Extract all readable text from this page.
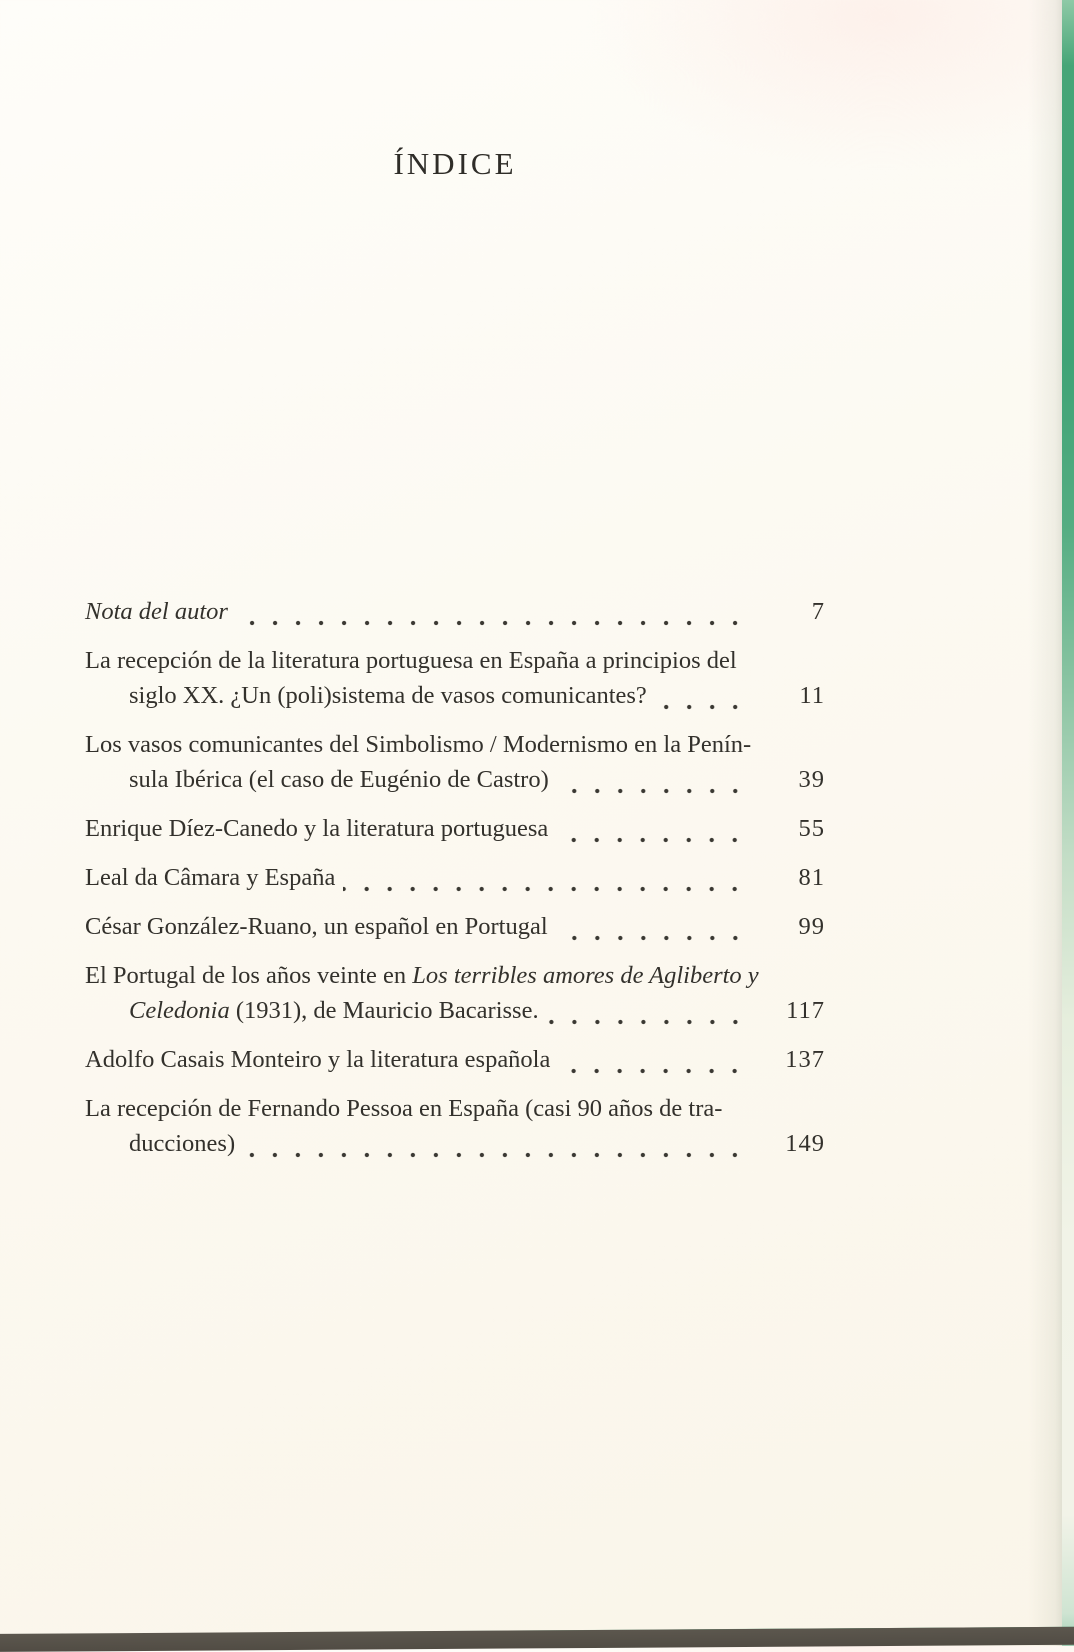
ÍNDICE
Nota del autor	7
La recepción de la literatura portuguesa en España a principios del
siglo XX. ¿Un (poli)sistema de vasos comunicantes?	11
Los vasos comunicantes del Simbolismo / Modernismo en la Penín-
sula Ibérica (el caso de Eugénio de Castro)	39
Enrique Díez-Canedo y la literatura portuguesa	55
Leal da Câmara y España	81
César González-Ruano, un español en Portugal	99
El Portugal de los años veinte en Los terribles amores de Agliberto y
Celedonia (1931), de Mauricio Bacarisse.	117
Adolfo Casais Monteiro y la literatura española	137
La recepción de Fernando Pessoa en España (casi 90 años de tra-
ducciones)	149
